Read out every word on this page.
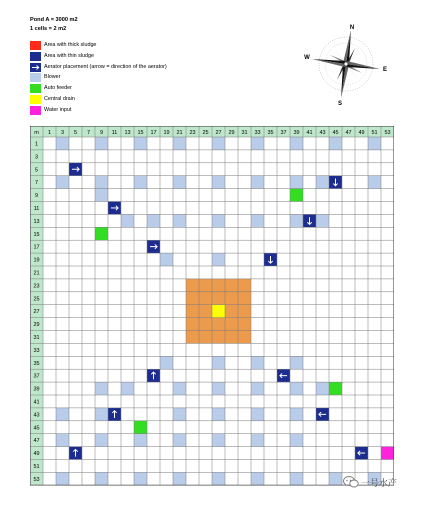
Pond A = 3000 m2
1 cells = 2 m2
Area with thick sludge
Area with thin sludge
Aerator placement (arrow = direction of the aerator)
Blower
Auto feeder
Central drain
Water input
N
S
E
W
m 1 3 5 7 9 11 13 15 17 19 21 23 25 27 29 31 33 35 37 39 41 43 45 47 49 51 53
1
3
5
7
9
11
13
15
17
19
21
23
25
27
29
31
33
35
37
39
41
43
45
47
49
51
53	一号水产
